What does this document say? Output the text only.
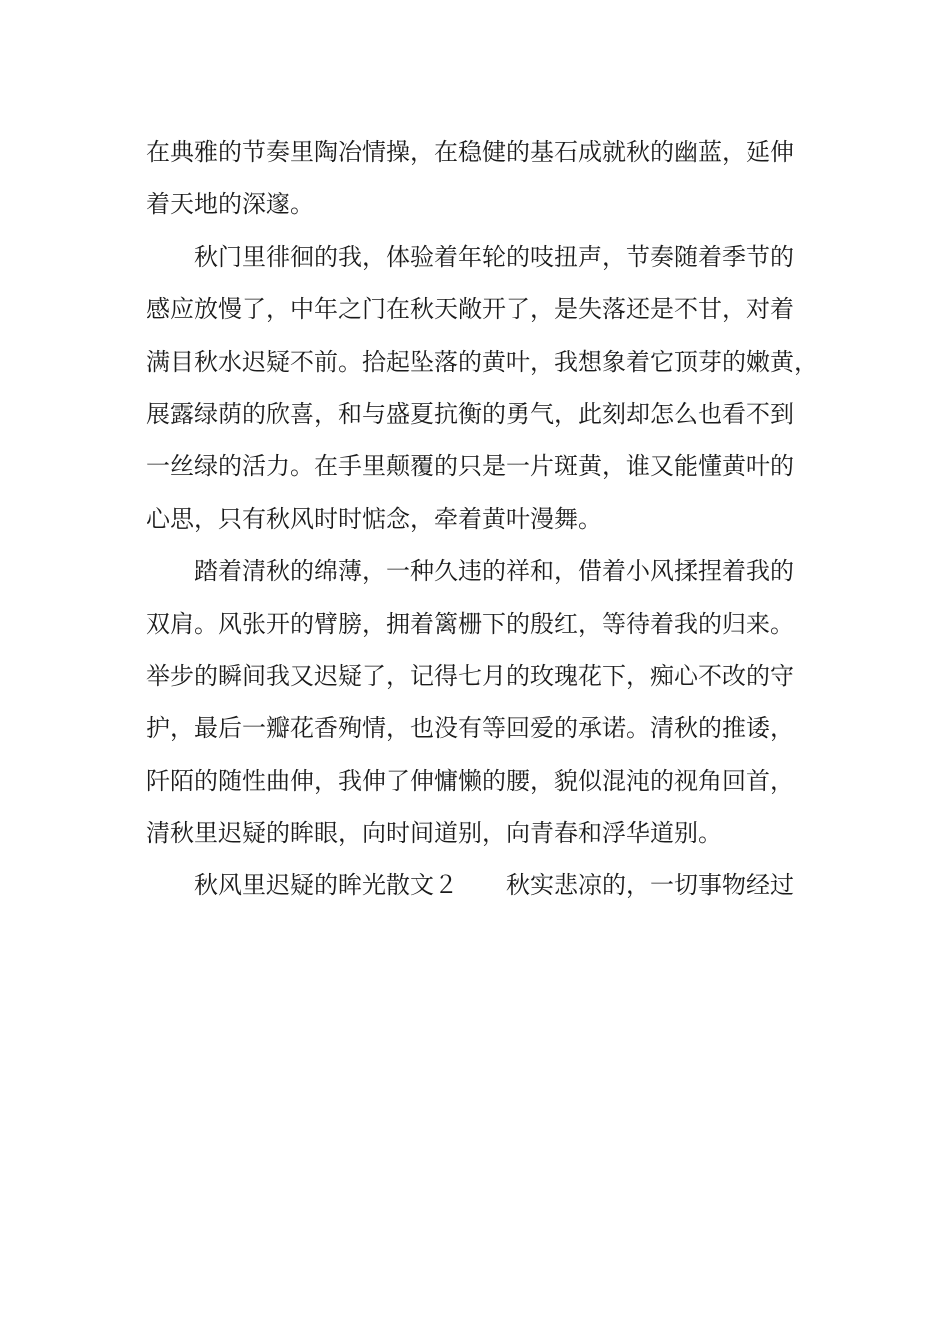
在典雅的节奏里陶冶情操，在稳健的基石成就秋的幽蓝，延伸
着天地的深邃。
秋门里徘徊的我，体验着年轮的吱扭声，节奏随着季节的
感应放慢了，中年之门在秋天敞开了，是失落还是不甘，对着
满目秋水迟疑不前。拾起坠落的黄叶，我想象着它顶芽的嫩黄，
展露绿荫的欣喜，和与盛夏抗衡的勇气，此刻却怎么也看不到
一丝绿的活力。在手里颠覆的只是一片斑黄，谁又能懂黄叶的
心思，只有秋风时时惦念，牵着黄叶漫舞。
踏着清秋的绵薄，一种久违的祥和，借着小风揉捏着我的
双肩。风张开的臂膀，拥着篱栅下的殷红，等待着我的归来。
举步的瞬间我又迟疑了，记得七月的玫瑰花下，痴心不改的守
护，最后一瓣花香殉情，也没有等回爱的承诺。清秋的推诿，
阡陌的随性曲伸，我伸了伸慵懒的腰，貌似混沌的视角回首，
清秋里迟疑的眸眼，向时间道别，向青春和浮华道别。
秋风里迟疑的眸光散文２　　秋实悲凉的，一切事物经过
